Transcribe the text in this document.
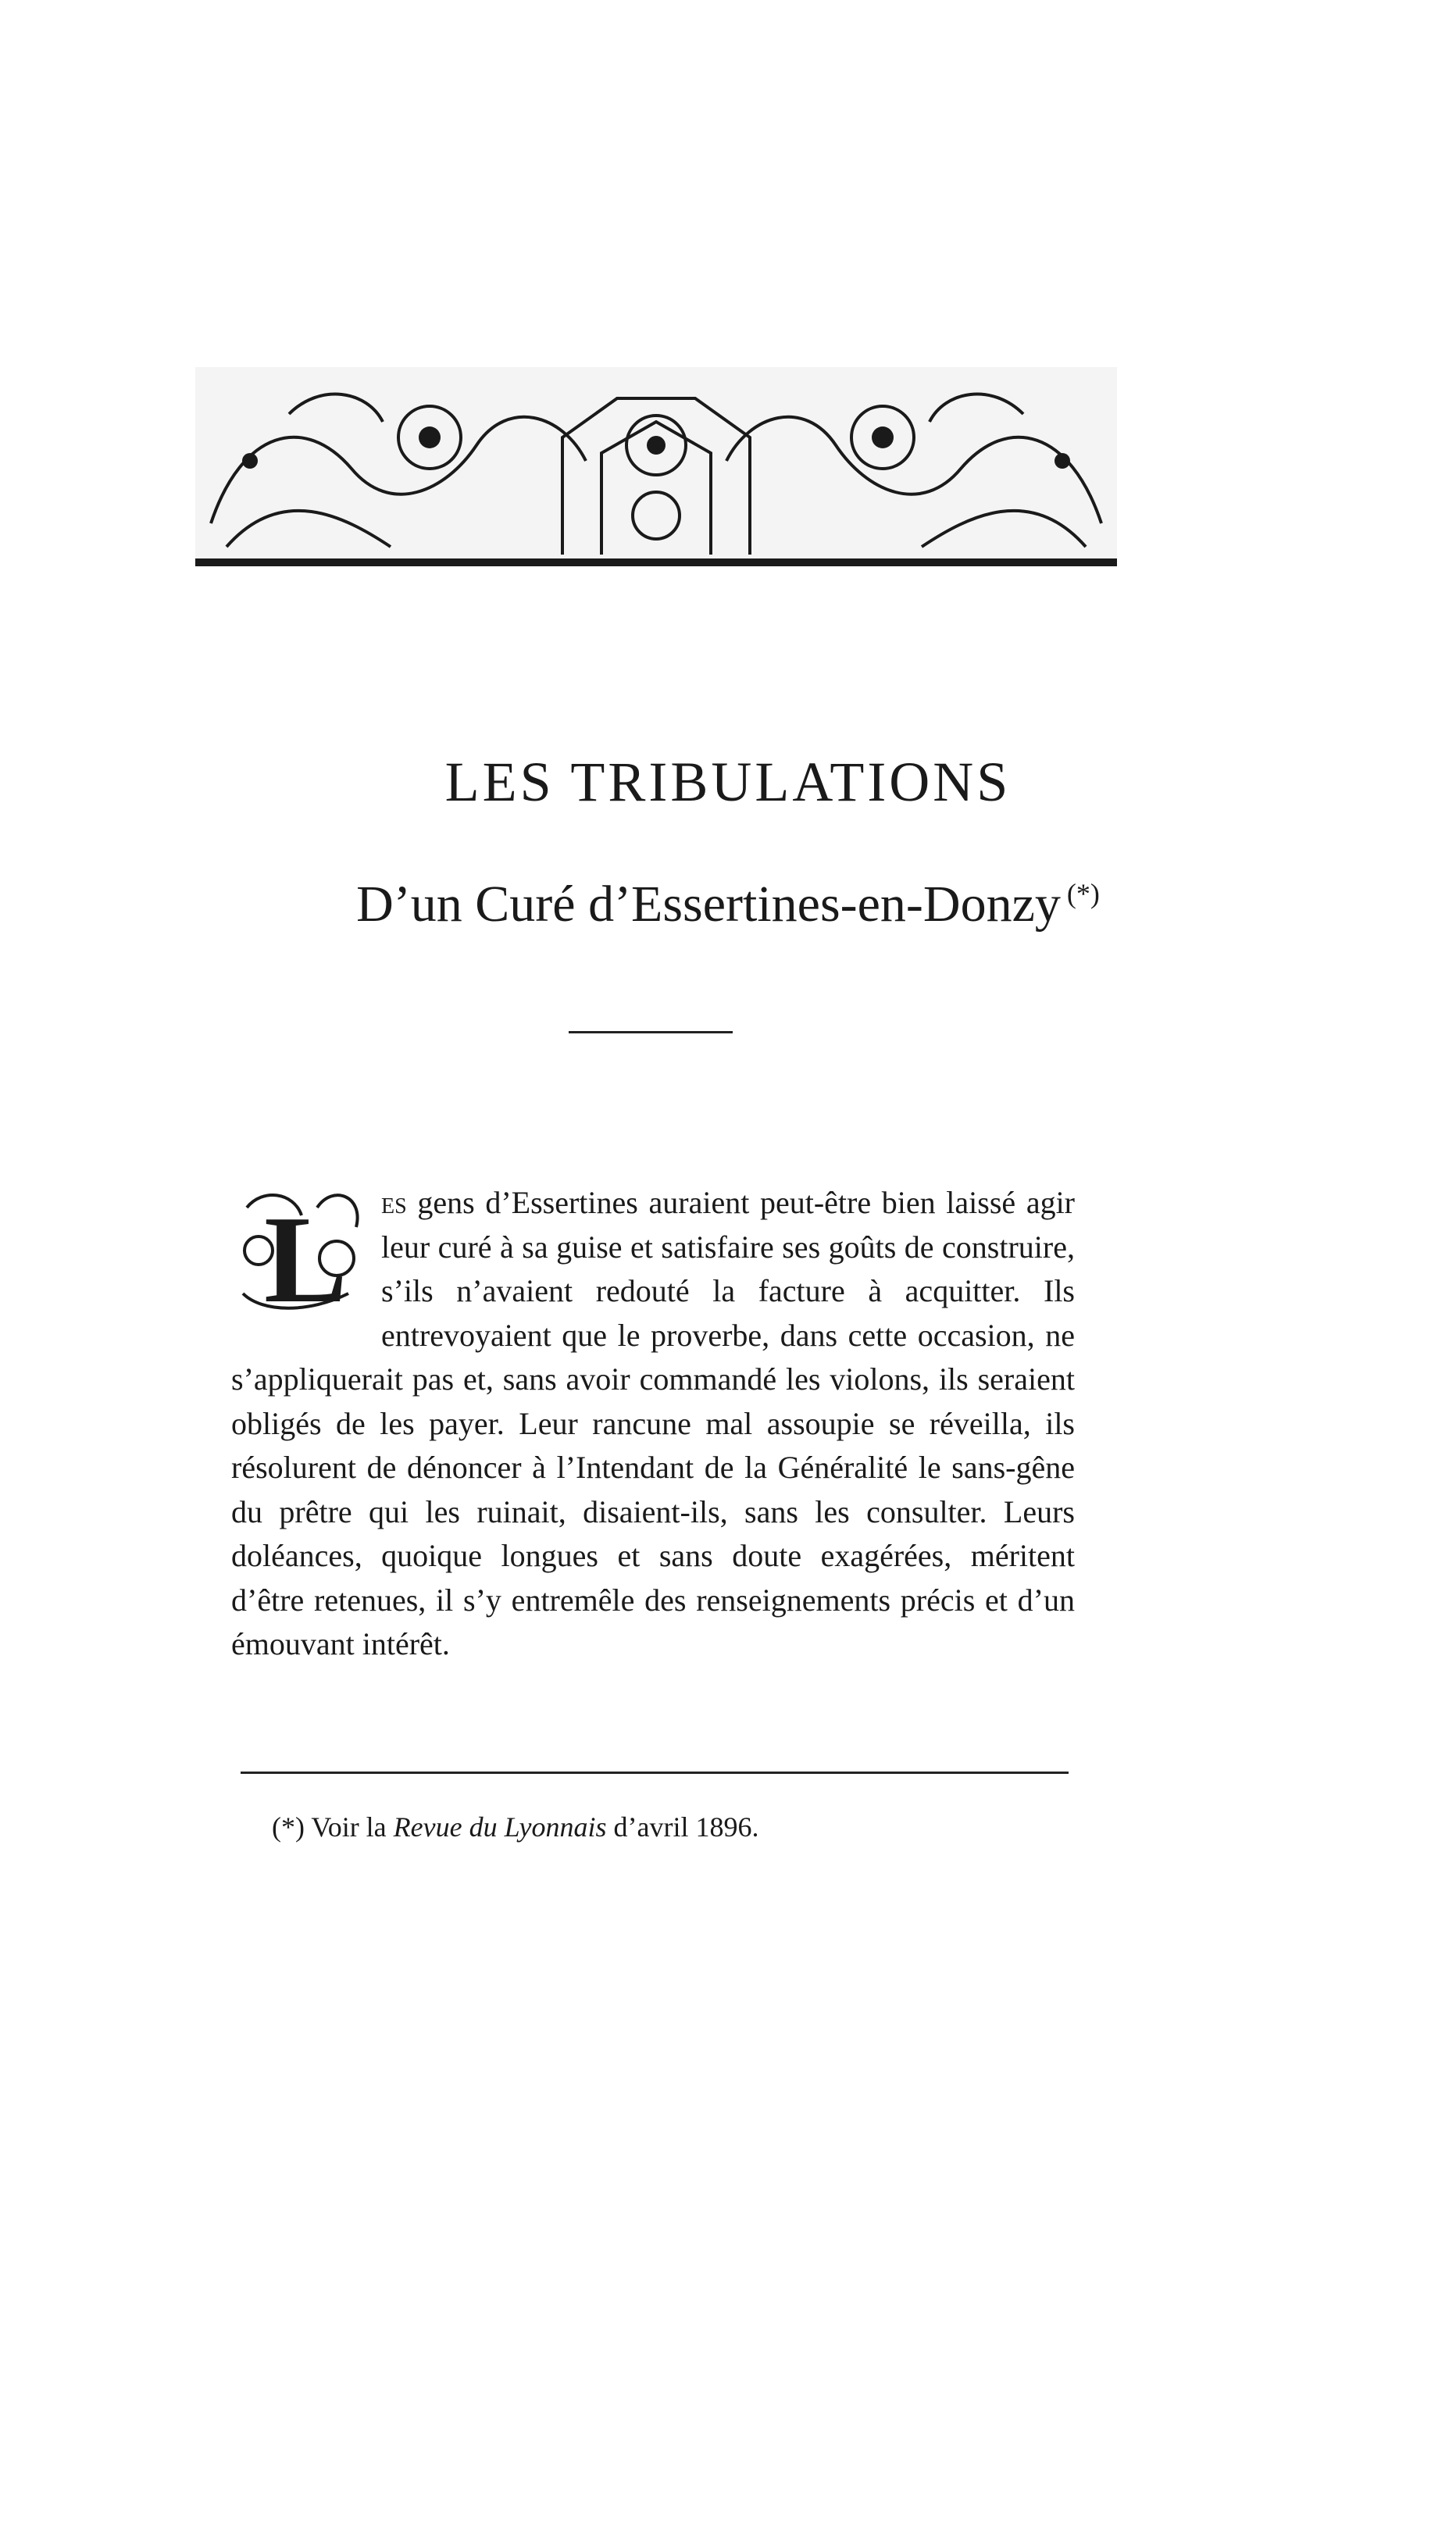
LES TRIBULATIONS
D’un Curé d’Essertines-en-Donzy (*)

L es gens d’Essertines auraient peut-être bien laissé agir leur curé à sa guise et satisfaire ses goûts de construire, s’ils n’avaient redouté la facture à acquitter. Ils entrevoyaient que le proverbe, dans cette occasion, ne s’appliquerait pas et, sans avoir commandé les violons, ils seraient obligés de les payer. Leur rancune mal assoupie se réveilla, ils résolurent de dénoncer à l’Intendant de la Généralité le sans-gêne du prêtre qui les ruinait, disaient-ils, sans les consulter. Leurs doléances, quoique longues et sans doute exagérées, méritent d’être retenues, il s’y entremêle des renseignements précis et d’un émouvant intérêt.

(*) Voir la Revue du Lyonnais d’avril 1896.
